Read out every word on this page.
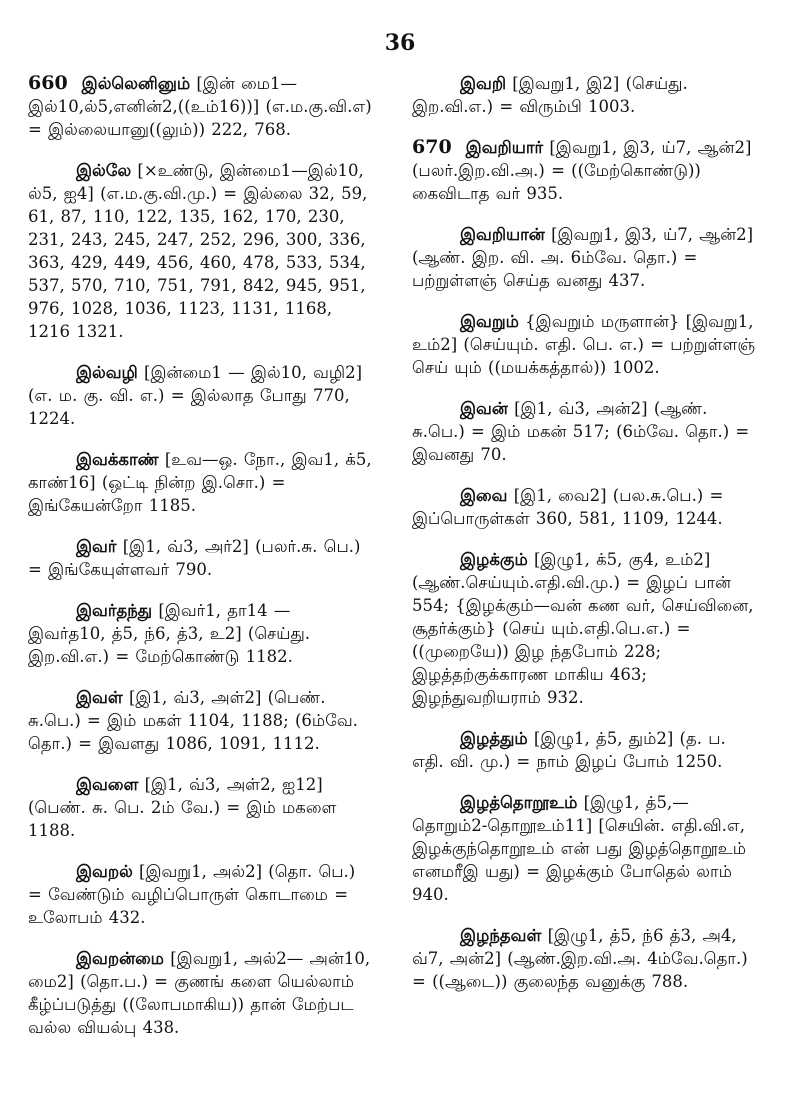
36

660 இல்லெனினும் [இன் மை1—இல்10,ல்5,எனின்2,((உம்16))] (எ.ம.கு.வி.எ) = இல்லையானு((லும்)) 222, 768.

இல்லே [×உண்டு, இன்மை1—இல்10, ல்5, ஐ4] (எ.ம.கு.வி.மு.) = இல்லை 32, 59, 61, 87, 110, 122, 135, 162, 170, 230, 231, 243, 245, 247, 252, 296, 300, 336, 363, 429, 449, 456, 460, 478, 533, 534, 537, 570, 710, 751, 791, 842, 945, 951, 976, 1028, 1036, 1123, 1131, 1168, 1216 1321.

இல்வழி [இன்மை1 — இல்10, வழி2] (எ. ம. கு. வி. எ.) = இல்லாத போது 770, 1224.

இவக்காண் [உவ—ஒ. நோ., இவ1, க்5, காண்16] (ஒட்டி நின்ற இ.சொ.) = இங்கேயன்றோ 1185.

இவர் [இ1, வ்3, அர்2] (பலர்.சு. பெ.) = இங்கேயுள்ளவர் 790.

இவர்தந்து [இவர்1, தா14 — இவர்த10, த்5, ந்6, த்3, உ2] (செய்து. இற.வி.எ.) = மேற்கொண்டு 1182.

இவள் [இ1, வ்3, அள்2] (பெண். சு.பெ.) = இம் மகள் 1104, 1188; (6ம்வே. தொ.) = இவளது 1086, 1091, 1112.

இவளை [இ1, வ்3, அள்2, ஐ12] (பெண். சு. பெ. 2ம் வே.) = இம் மகளை 1188.

இவறல் [இவறு1, அல்2] (தொ. பெ.) = வேண்டும் வழிப்பொருள் கொடாமை = உலோபம் 432.

இவறன்மை [இவறு1, அல்2— அன்10, மை2] (தொ.ப.) = குணங் களை யெல்லாம் கீழ்ப்படுத்து ((லோபமாகிய)) தான் மேற்பட வல்ல வியல்பு 438.

இவறி [இவறு1, இ2] (செய்து. இற.வி.எ.) = விரும்பி 1003.

670 இவறியார் [இவறு1, இ3, ய்7, ஆன்2] (பலர்.இற.வி.அ.) = ((மேற்கொண்டு)) கைவிடாத வர் 935.

இவறியான் [இவறு1, இ3, ய்7, ஆன்2] (ஆண். இற. வி. அ. 6ம்வே. தொ.) = பற்றுள்ளஞ் செய்த வனது 437.

இவறும் {இவறும் மருளான்} [இவறு1, உம்2] (செய்யும். எதி. பெ. எ.) = பற்றுள்ளஞ் செய் யும் ((மயக்கத்தால்)) 1002.

இவன் [இ1, வ்3, அன்2] (ஆண். சு.பெ.) = இம் மகன் 517; (6ம்வே. தொ.) = இவனது 70.

இவை [இ1, வை2] (பல.சு.பெ.) = இப்பொருள்கள் 360, 581, 1109, 1244.

இழக்கும் [இழு1, க்5, கு4, உம்2] (ஆண்.செய்யும்.எதி.வி.மு.) = இழப் பான் 554; {இழக்கும்—வன் கண வர், செய்வினை, சூதர்க்கும்} (செய் யும்.எதி.பெ.எ.) = ((முறையே)) இழ ந்தபோம் 228; இழத்தற்குக்காரண மாகிய 463; இழந்துவறியராம் 932.

இழத்தும் [இழு1, த்5, தும்2] (த. ப. எதி. வி. மு.) = நாம் இழப் போம் 1250.

இழத்தொறூஉம் [இழு1, த்5,— தொறும்2-தொறூஉம்11] [செயின். எதி.வி.எ, இழக்குந்தொறூஉம் என் பது இழத்தொறூஉம் எனமரீஇ யது) = இழக்கும் போதெல் லாம் 940.

இழந்தவள் [இழு1, த்5, ந்6 த்3, அ4, வ்7, அன்2] (ஆண்.இற.வி.அ. 4ம்வே.தொ.) = ((ஆடை)) குலைந்த வனுக்கு 788.
